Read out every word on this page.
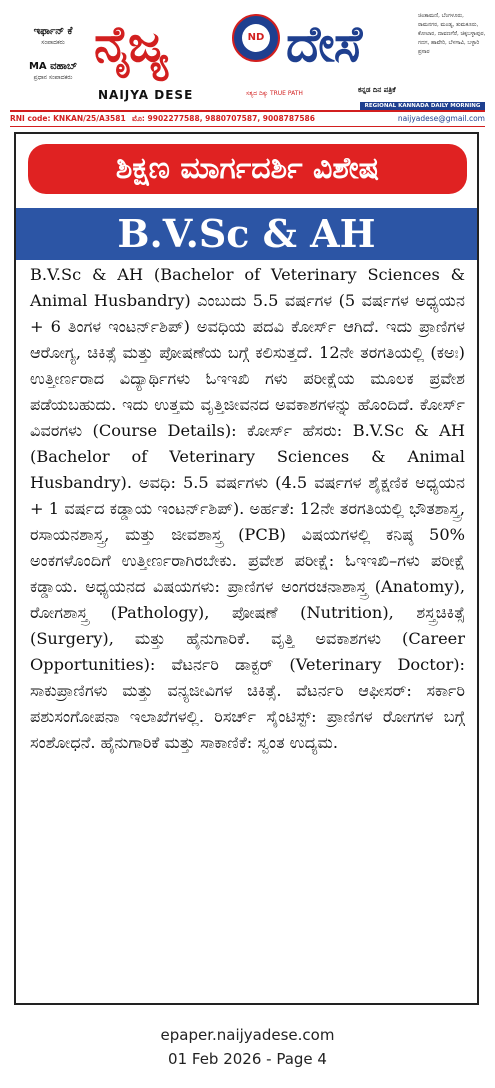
ಇರ್ಫಾನ್ ಕೆ
ಸಂಪಾದಕರು
MA ವಹಾಬ್
ಪ್ರಧಾನ ಸಂಪಾದಕರು
ನೈಜ್ಯ	ND ದೇಸೆ
NAIJYA DESE	ಸತ್ಯದ ದಿಕ್ಕು TRUE PATH	ಕನ್ನಡ ದಿನ ಪತ್ರಿಕೆ
ಚಿಂತಾಮಣಿ, ಬೆಂಗಳೂರು, ರಾಮನಗರ, ಮಂಡ್ಯ, ತುಮಕೂರು, ಕೋಲಾರ, ದಾವಣಗೆರೆ, ಚಿಕ್ಕಬಳ್ಳಾಪುರ, ಗದಗ, ಹಾವೇರಿ, ಬೆಳಗಾವಿ, ಬಳ್ಳಾರಿ ಪ್ರಸಾರ
REGIONAL KANNADA DAILY MORNING
RNI code: KNKAN/25/A3581 ಮೊ: 9902277588, 9880707587, 9008787586	naijyadese@gmail.com
ಶಿಕ್ಷಣ ಮಾರ್ಗದರ್ಶಿ ವಿಶೇಷ
B.V.Sc & AH
B.V.Sc & AH (Bachelor of Veterinary Sciences & Animal Husbandry) ಎಂಬುದು 5.5 ವರ್ಷಗಳ (5 ವರ್ಷಗಳ ಅಧ್ಯಯನ + 6 ತಿಂಗಳ ಇಂಟರ್ನ್‌ಶಿಪ್) ಅವಧಿಯ ಪದವಿ ಕೋರ್ಸ್ ಆಗಿದೆ. ಇದು ಪ್ರಾಣಿಗಳ ಆರೋಗ್ಯ, ಚಿಕಿತ್ಸೆ ಮತ್ತು ಪೋಷಣೆಯ ಬಗ್ಗೆ ಕಲಿಸುತ್ತದೆ. 12ನೇ ತರಗತಿಯಲ್ಲಿ (ಕಅಃ) ಉತ್ತೀರ್ಣರಾದ ವಿದ್ಯಾರ್ಥಿಗಳು ಓಇಇಖಿ ಗಳು ಪರೀಕ್ಷೆಯ ಮೂಲಕ ಪ್ರವೇಶ ಪಡೆಯಬಹುದು. ಇದು ಉತ್ತಮ ವೃತ್ತಿಜೀವನದ ಅವಕಾಶಗಳನ್ನು ಹೊಂದಿದೆ. ಕೋರ್ಸ್ ವಿವರಗಳು (Course Details): ಕೋರ್ಸ್ ಹೆಸರು: B.V.Sc & AH (Bachelor of Veterinary Sciences & Animal Husbandry). ಅವಧಿ: 5.5 ವರ್ಷಗಳು (4.5 ವರ್ಷಗಳ ಶೈಕ್ಷಣಿಕ ಅಧ್ಯಯನ + 1 ವರ್ಷದ ಕಡ್ಡಾಯ ಇಂಟರ್ನ್‌ಶಿಪ್). ಅರ್ಹತೆ: 12ನೇ ತರಗತಿಯಲ್ಲಿ ಭೌತಶಾಸ್ತ್ರ, ರಸಾಯನಶಾಸ್ತ್ರ, ಮತ್ತು ಜೀವಶಾಸ್ತ್ರ (PCB) ವಿಷಯಗಳಲ್ಲಿ ಕನಿಷ್ಠ 50% ಅಂಕಗಳೊಂದಿಗೆ ಉತ್ತೀರ್ಣರಾಗಿರಬೇಕು. ಪ್ರವೇಶ ಪರೀಕ್ಷೆ: ಓಇಇಖಿ–ಗಳು ಪರೀಕ್ಷೆ ಕಡ್ಡಾಯ. ಅಧ್ಯಯನದ ವಿಷಯಗಳು: ಪ್ರಾಣಿಗಳ ಅಂಗರಚನಾಶಾಸ್ತ್ರ (Anatomy), ರೋಗಶಾಸ್ತ್ರ (Pathology), ಪೋಷಣೆ (Nutrition), ಶಸ್ತ್ರಚಿಕಿತ್ಸೆ (Surgery), ಮತ್ತು ಹೈನುಗಾರಿಕೆ. ವೃತ್ತಿ ಅವಕಾಶಗಳು (Career Opportunities): ವೆಟರ್ನರಿ ಡಾಕ್ಟರ್ (Veterinary Doctor): ಸಾಕುಪ್ರಾಣಿಗಳು ಮತ್ತು ವನ್ಯಜೀವಿಗಳ ಚಿಕಿತ್ಸೆ. ವೆಟರ್ನರಿ ಆಫೀಸರ್: ಸರ್ಕಾರಿ ಪಶುಸಂಗೋಪನಾ ಇಲಾಖೆಗಳಲ್ಲಿ. ರಿಸರ್ಚ್ ಸೈಂಟಿಸ್ಟ್: ಪ್ರಾಣಿಗಳ ರೋಗಗಳ ಬಗ್ಗೆ ಸಂಶೋಧನೆ. ಹೈನುಗಾರಿಕೆ ಮತ್ತು ಸಾಕಾಣಿಕೆ: ಸ್ವಂತ ಉದ್ಯಮ.
epaper.naijyadese.com
01 Feb 2026 - Page 4
